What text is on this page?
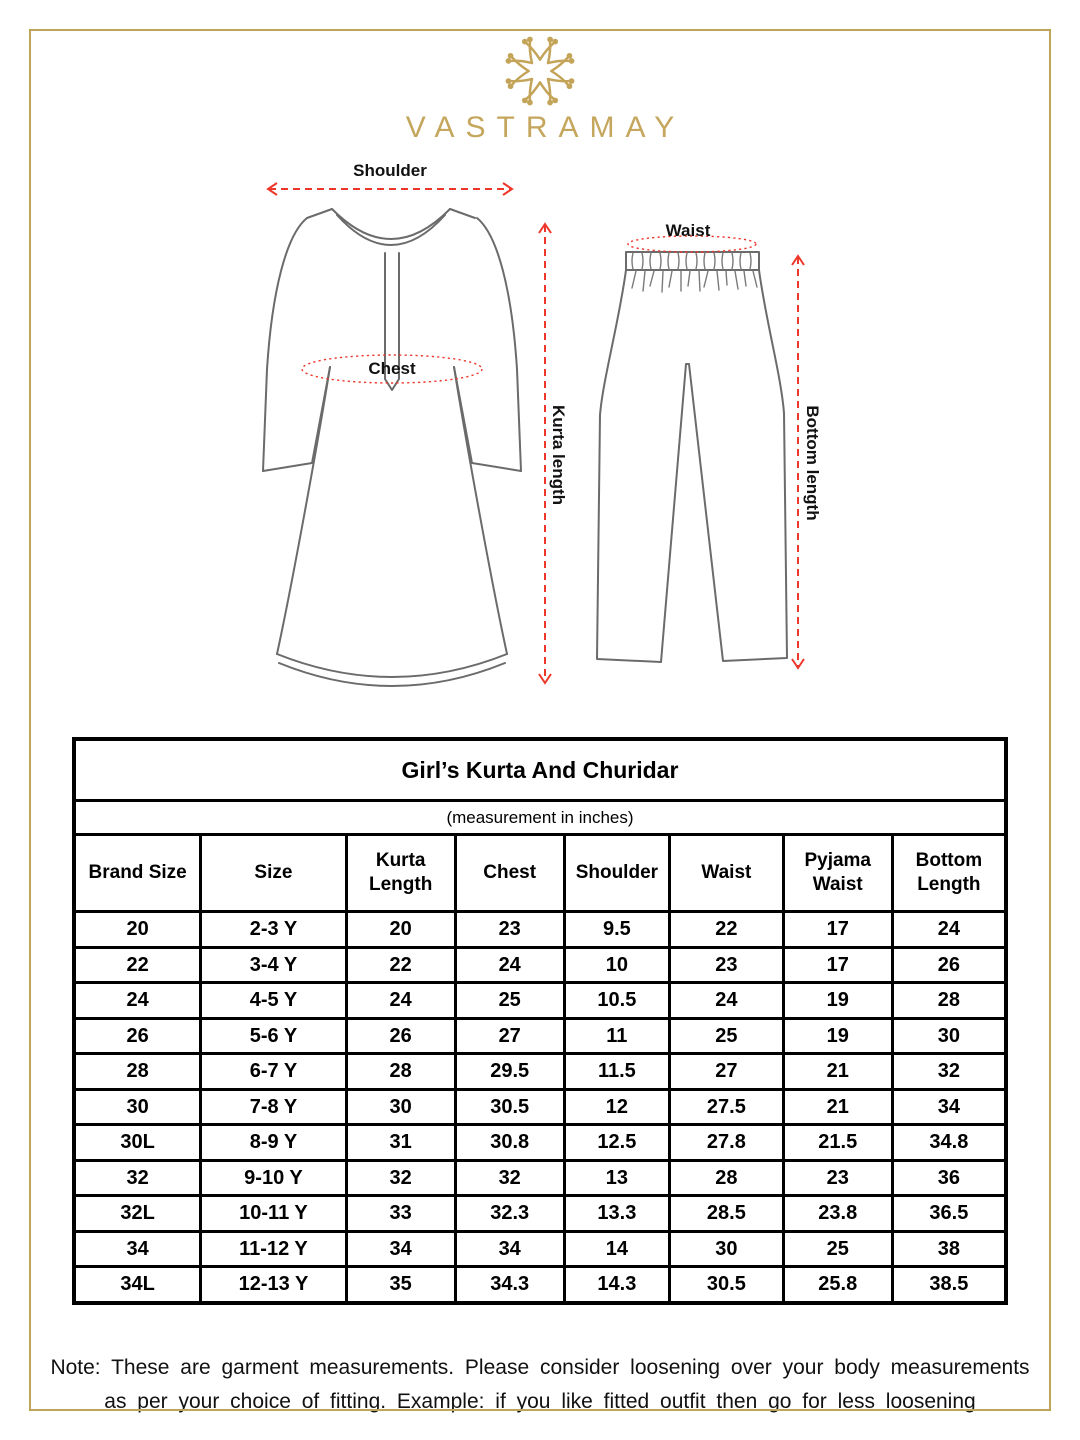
VASTRAMAY
Shoulder
Chest
Kurta length
Waist
Bottom length
Girl’s Kurta And Churidar							
(measurement in inches)							
Brand Size	Size	Kurta Length	Chest	Shoulder	Waist	Pyjama Waist	Bottom Length
20	2-3 Y	20	23	9.5	22	17	24
22	3-4 Y	22	24	10	23	17	26
24	4-5 Y	24	25	10.5	24	19	28
26	5-6 Y	26	27	11	25	19	30
28	6-7 Y	28	29.5	11.5	27	21	32
30	7-8 Y	30	30.5	12	27.5	21	34
30L	8-9 Y	31	30.8	12.5	27.8	21.5	34.8
32	9-10 Y	32	32	13	28	23	36
32L	10-11 Y	33	32.3	13.3	28.5	23.8	36.5
34	11-12 Y	34	34	14	30	25	38
34L	12-13 Y	35	34.3	14.3	30.5	25.8	38.5

Note: These are garment measurements. Please consider loosening over your body measurements
as per your choice of fitting. Example: if you like fitted outfit then go for less loosening
